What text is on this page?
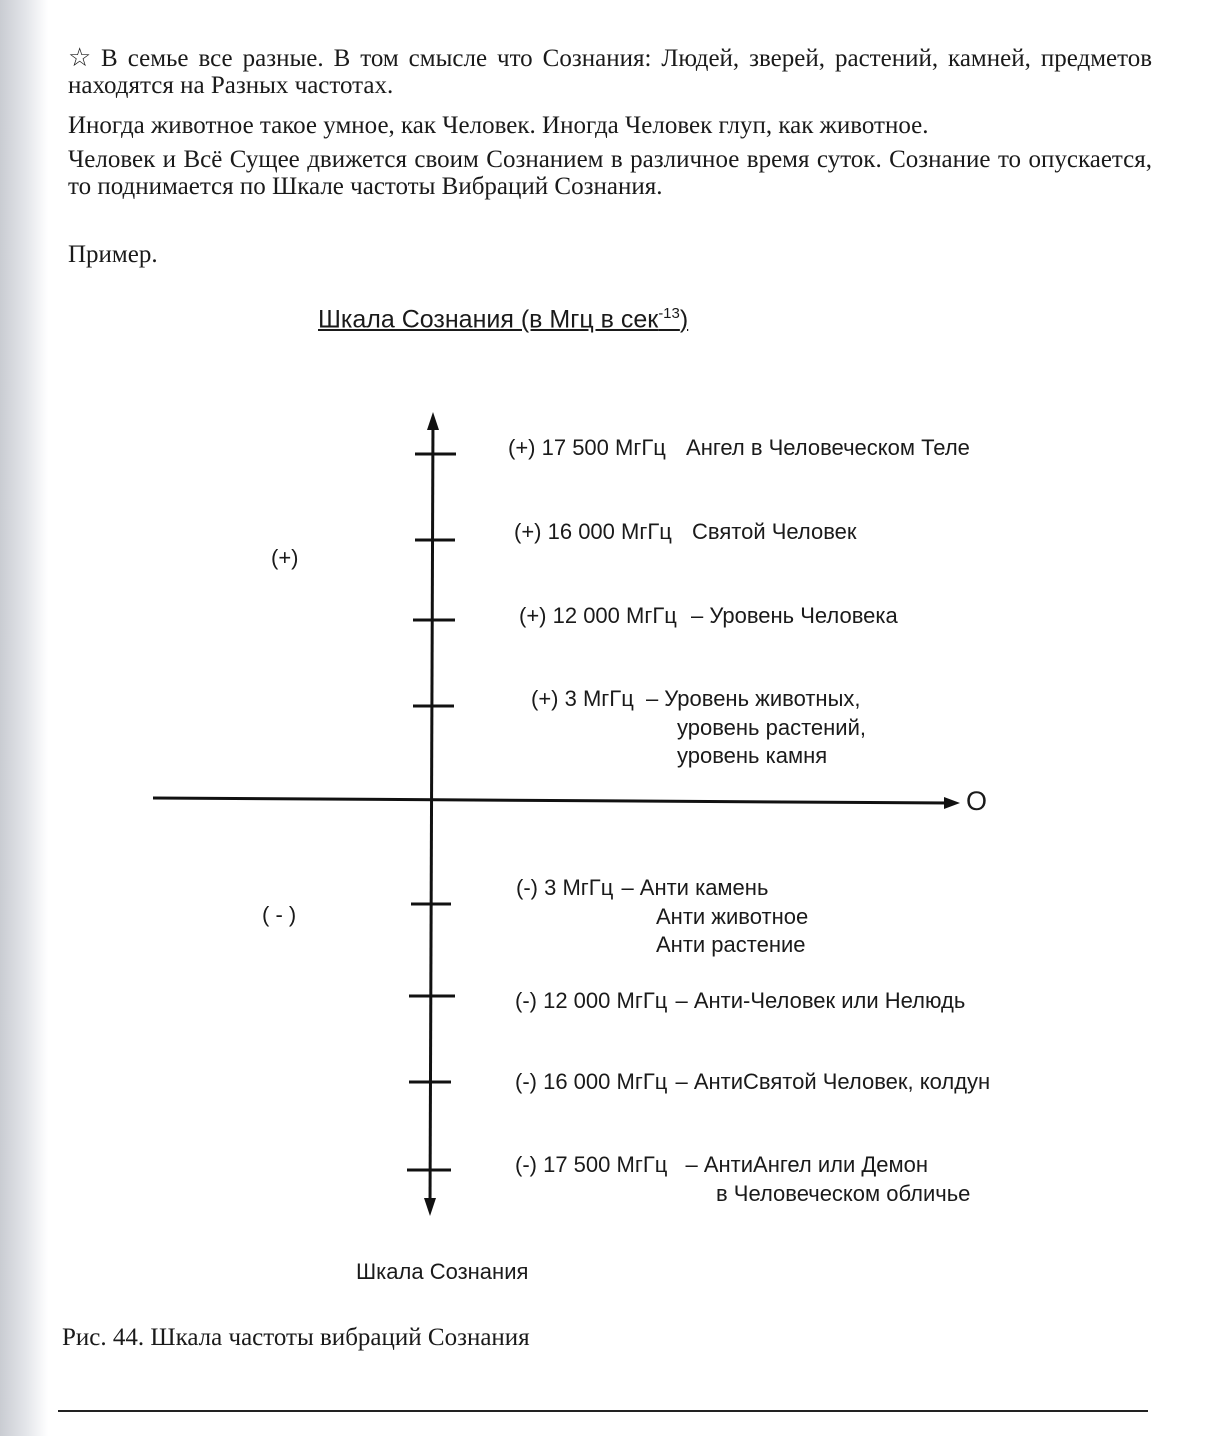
☆ В семье все разные. В том смысле что Сознания: Людей, зверей, растений, камней, предметов находятся на Разных частотах.

Иногда животное такое умное, как Человек. Иногда Человек глуп, как животное.

Человек и Всё Сущее движется своим Сознанием в различное время суток. Сознание то опускается, то поднимается по Шкале частоты Вибраций Сознания.

Пример.

Шкала Сознания (в Мгц в сек$^{-13}$)
(+)
( - )
O
(+) 17 500 МгГц Ангел в Человеческом Теле
(+) 16 000 МгГц Святой Человек
(+) 12 000 МгГц – Уровень Человека
(+) 3 МгГц – Уровень животных,
уровень растений,
уровень камня
(-) 3 МгГц – Анти камень
Анти животное
Анти растение
(-) 12 000 МгГц – Анти-Человек или Нелюдь
(-) 16 000 МгГц – АнтиСвятой Человек, колдун
(-) 17 500 МгГц – АнтиАнгел или Демон
в Человеческом обличье
Шкала Сознания
Рис. 44. Шкала частоты вибраций Сознания
